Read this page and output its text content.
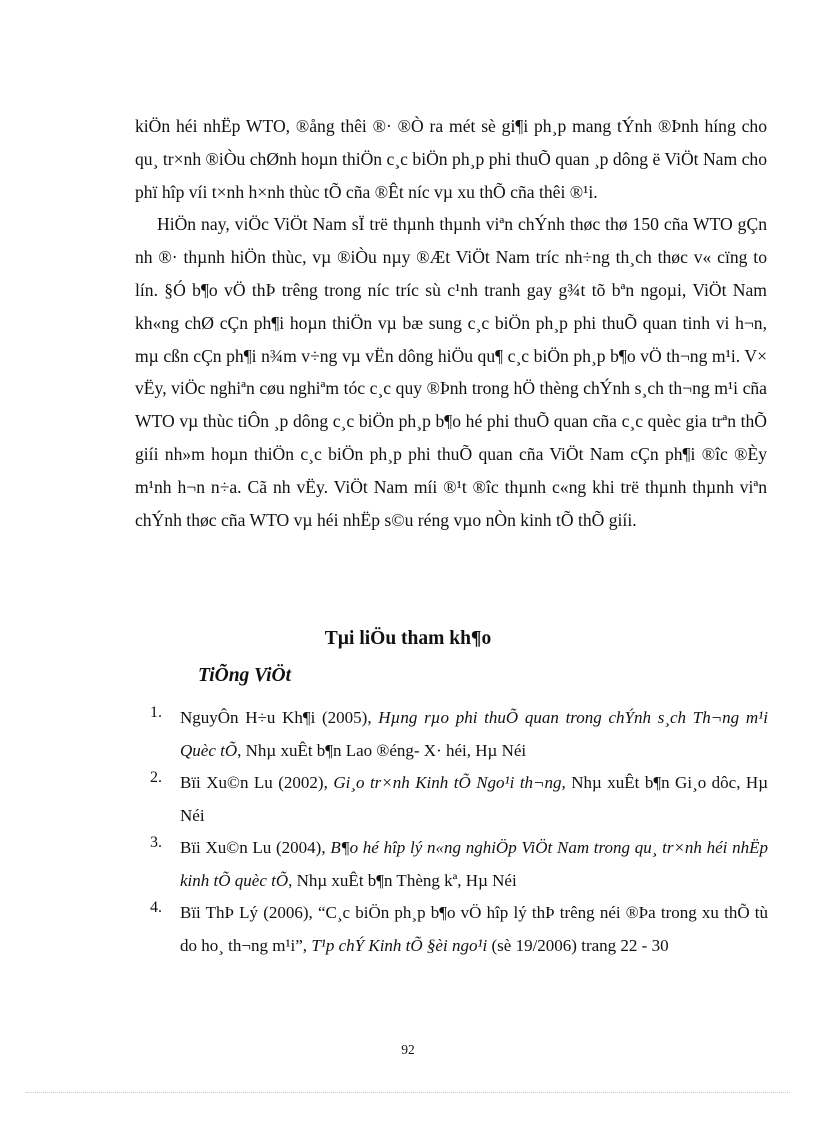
kiÖn héi nhËp WTO, ®ång thêi ®· ®Ò ra mét sè gi¶i ph¸p mang tÝnh ®Þnh híng cho qu¸ tr×nh ®iÒu chØnh hoµn thiÖn c¸c biÖn ph¸p phi thuÕ quan ¸p dông ë ViÖt Nam cho phï hîp víi t×nh h×nh thùc tÕ cña ®Êt níc vµ xu thÕ cña thêi ®¹i.

HiÖn nay, viÖc ViÖt Nam sÏ trë thµnh thµnh viªn chÝnh thøc thø 150 cña WTO gÇn nh ®· thµnh hiÖn thùc, vµ ®iÒu nµy ®Æt ViÖt Nam tríc nh÷ng th¸ch thøc v« cïng to lín. §Ó b¶o vÖ thÞ trêng trong níc tríc sù c¹nh tranh gay g¾t tõ bªn ngoµi, ViÖt Nam kh«ng chØ cÇn ph¶i hoµn thiÖn vµ bæ sung c¸c biÖn ph¸p phi thuÕ quan tinh vi h¬n, mµ cßn cÇn ph¶i n¾m v÷ng vµ vËn dông hiÖu qu¶ c¸c biÖn ph¸p b¶o vÖ th¬ng m¹i. V× vËy, viÖc nghiªn cøu nghiªm tóc c¸c quy ®Þnh trong hÖ thèng chÝnh s¸ch th¬ng m¹i cña WTO vµ thùc tiÔn ¸p dông c¸c biÖn ph¸p b¶o hé phi thuÕ quan cña c¸c quèc gia trªn thÕ giíi nh»m hoµn thiÖn c¸c biÖn ph¸p phi thuÕ quan cña ViÖt Nam cÇn ph¶i ®îc ®Èy m¹nh h¬n n÷a. Cã nh vËy. ViÖt Nam míi ®¹t ®îc thµnh c«ng khi trë thµnh thµnh viªn chÝnh thøc cña WTO vµ héi nhËp s©u réng vµo nÒn kinh tÕ thÕ giíi.

Tµi liÖu tham kh¶o
TiÕng ViÖt
1. NguyÔn H÷u Kh¶i (2005), Hµng rµo phi thuÕ quan trong chÝnh s¸ch Th¬ng m¹i Quèc tÕ, Nhµ xuÊt b¶n Lao ®éng- X· héi, Hµ Néi
2. Bïi Xu©n Lu (2002), Gi¸o tr×nh Kinh tÕ Ngo¹i th¬ng, Nhµ xuÊt b¶n Gi¸o dôc, Hµ Néi
3. Bïi Xu©n Lu (2004), B¶o hé hîp lý n«ng nghiÖp ViÖt Nam trong qu¸ tr×nh héi nhËp kinh tÕ quèc tÕ, Nhµ xuÊt b¶n Thèng kª, Hµ Néi
4. Bïi ThÞ Lý (2006), “C¸c biÖn ph¸p b¶o vÖ hîp lý thÞ trêng néi ®Þa trong xu thÕ tù do ho¸ th¬ng m¹i”, T¹p chÝ Kinh tÕ §èi ngo¹i (sè 19/2006) trang 22 - 30

92
